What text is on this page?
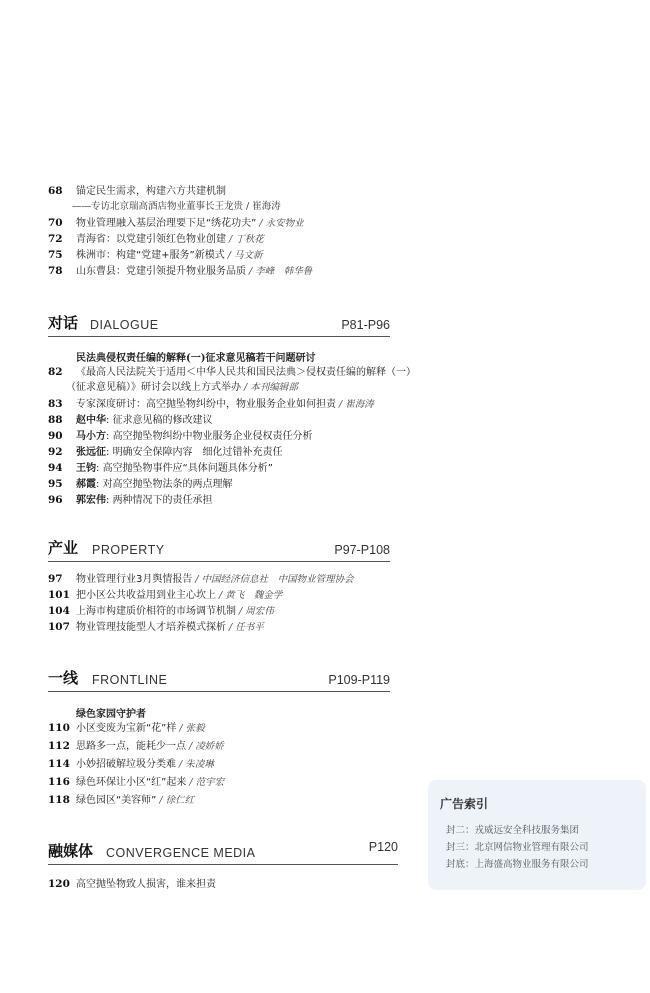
68 锚定民生需求，构建六方共建机制
——专访北京瑞高酒店物业董事长王龙贵 / 崔海涛
70 物业管理融入基层治理要下足“绣花功夫” / 永安物业
72 青海省：以党建引领红色物业创建 / 丁秋花
75 株洲市：构建“党建+服务”新模式 / 马文新
78 山东曹县：党建引领提升物业服务品质 / 李峰　韩华鲁
对话 DIALOGUE	P81-P96
民法典侵权责任编的解释(一)征求意见稿若干问题研讨
82 《最高人民法院关于适用＜中华人民共和国民法典＞侵权责任编的解释（一）
（征求意见稿）》研讨会以线上方式举办 / 本刊编辑部
83 专家深度研讨：高空抛坠物纠纷中，物业服务企业如何担责 / 崔海涛
88 赵中华: 征求意见稿的修改建议
90 马小方: 高空抛坠物纠纷中物业服务企业侵权责任分析
92 张远征: 明确安全保障内容　细化过错补充责任
94 王钧: 高空抛坠物事件应“具体问题具体分析”
95 郝霞: 对高空抛坠物法条的两点理解
96 郭宏伟: 两种情况下的责任承担
产业 PROPERTY	P97-P108
97 物业管理行业3月舆情报告 / 中国经济信息社　中国物业管理协会
101 把小区公共收益用到业主心坎上 / 黄飞　魏金学
104 上海市构建质价相符的市场调节机制 / 周宏伟
107 物业管理技能型人才培养模式探析 / 任书平
一线 FRONTLINE	P109-P119
绿色家园守护者
110 小区变废为宝新“花”样 / 张毅
112 思路多一点，能耗少一点 / 凌娇娇
114 小妙招破解垃圾分类难 / 朱凌琳
116 绿色环保让小区“红”起来 / 范宇宏
118 绿色园区“美容师” / 徐仁红
融媒体 CONVERGENCE MEDIA	P120
120 高空抛坠物致人损害，谁来担责
广告索引
封二：戎威远安全科技服务集团
封三：北京网信物业管理有限公司
封底：上海盛高物业服务有限公司
